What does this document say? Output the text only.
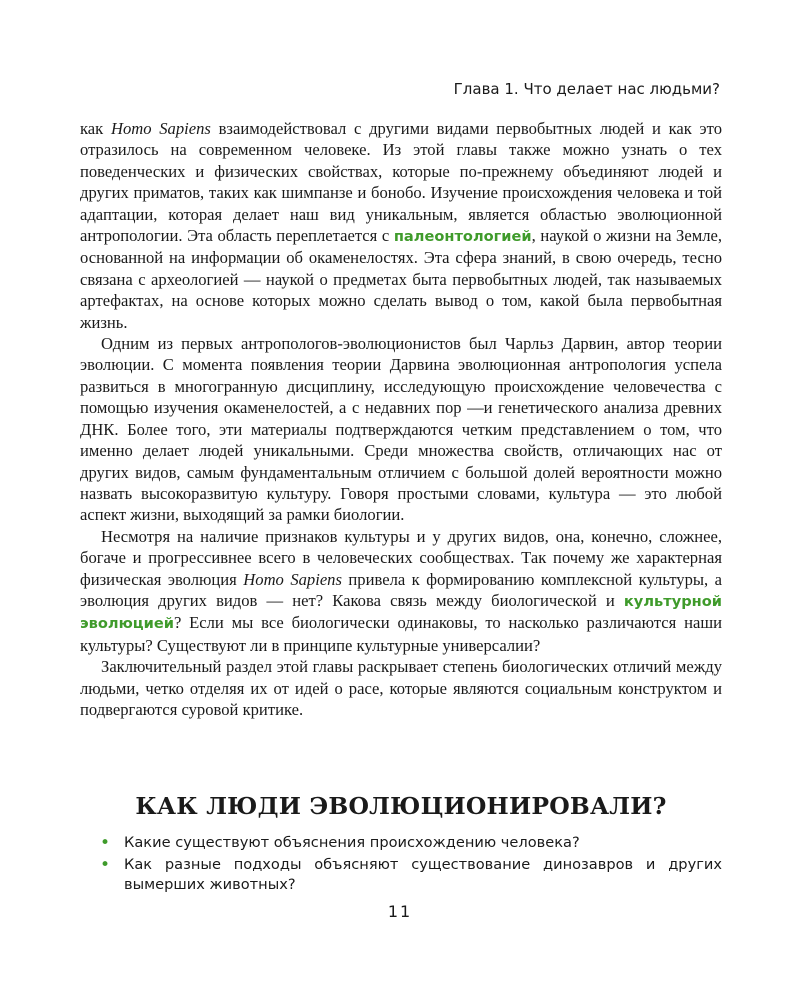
Глава 1. Что делает нас людьми?

как Homo Sapiens взаимодействовал с другими видами первобытных людей и как это отразилось на современном человеке. Из этой главы также можно узнать о тех поведенческих и физических свойствах, которые по-прежнему объединяют людей и других приматов, таких как шимпанзе и бонобо. Изучение происхождения человека и той адаптации, которая делает наш вид уникальным, является областью эволюционной антропологии. Эта область переплетается с палеонтологией, наукой о жизни на Земле, основанной на информации об окаменелостях. Эта сфера знаний, в свою очередь, тесно связана с археологией — наукой о предметах быта первобытных людей, так называемых артефактах, на основе которых можно сделать вывод о том, какой была первобытная жизнь.

Одним из первых антропологов-эволюционистов был Чарльз Дарвин, автор теории эволюции. С момента появления теории Дарвина эволюционная антропология успела развиться в многогранную дисциплину, исследующую происхождение человечества с помощью изучения окаменелостей, а с недавних пор —и генетического анализа древних ДНК. Более того, эти материалы подтверждаются четким представлением о том, что именно делает людей уникальными. Среди множества свойств, отличающих нас от других видов, самым фундаментальным отличием с большой долей вероятности можно назвать высокоразвитую культуру. Говоря простыми словами, культура — это любой аспект жизни, выходящий за рамки биологии.

Несмотря на наличие признаков культуры и у других видов, она, конечно, сложнее, богаче и прогрессивнее всего в человеческих сообществах. Так почему же характерная физическая эволюция Homo Sapiens привела к формированию комплексной культуры, а эволюция других видов — нет? Какова связь между биологической и культурной эволюцией? Если мы все биологически одинаковы, то насколько различаются наши культуры? Существуют ли в принципе культурные универсалии?

Заключительный раздел этой главы раскрывает степень биологических отличий между людьми, четко отделяя их от идей о расе, которые являются социальным конструктом и подвергаются суровой критике.

КАК ЛЮДИ ЭВОЛЮЦИОНИРОВАЛИ?
• Какие существуют объяснения происхождению человека?
• Как разные подходы объясняют существование динозавров и других вымерших животных?
11
